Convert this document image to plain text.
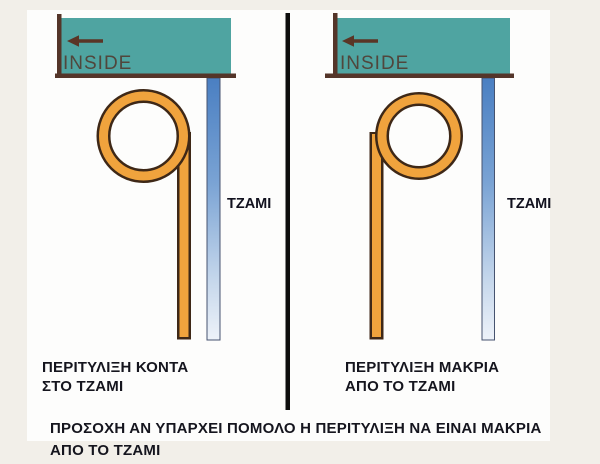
INSIDE
ΤΖΑΜΙ
INSIDE
ΤΖΑΜΙ
ΠΕΡΙΤΥΛΙΞΗ ΚΟΝΤΑ
ΣΤΟ ΤΖΑΜΙ
ΠΕΡΙΤΥΛΙΞΗ ΜΑΚΡΙΑ
ΑΠΟ ΤΟ ΤΖΑΜΙ
ΠΡΟΣΟΧΗ ΑΝ ΥΠΑΡΧΕΙ ΠΟΜΟΛΟ Η ΠΕΡΙΤΥΛΙΞΗ ΝΑ ΕΙΝΑΙ ΜΑΚΡΙΑ
ΑΠΟ ΤΟ ΤΖΑΜΙ
